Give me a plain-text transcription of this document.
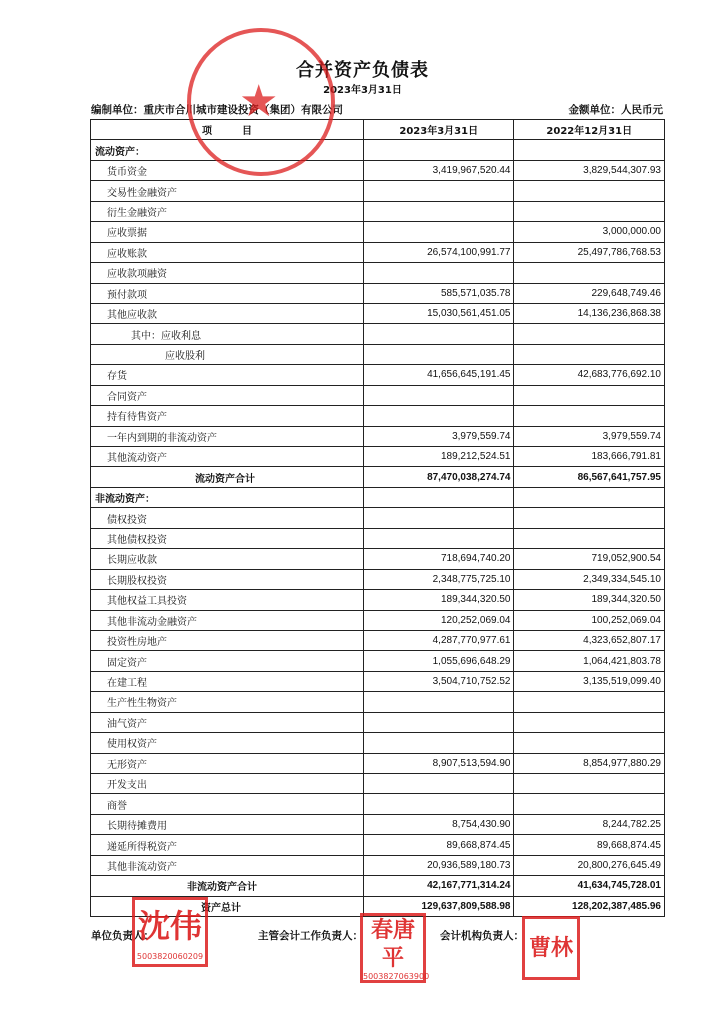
合并资产负债表
2023年3月31日
编制单位：重庆市合川城市建设投资（集团）有限公司	金额单位：人民币元
项　　　目	2023年3月31日	2022年12月31日
流动资产：		
货币资金	3,419,967,520.44	3,829,544,307.93
交易性金融资产		
衍生金融资产		
应收票据		3,000,000.00
应收账款	26,574,100,991.77	25,497,786,768.53
应收款项融资		
预付款项	585,571,035.78	229,648,749.46
其他应收款	15,030,561,451.05	14,136,236,868.38
其中：应收利息		
应收股利		
存货	41,656,645,191.45	42,683,776,692.10
合同资产		
持有待售资产		
一年内到期的非流动资产	3,979,559.74	3,979,559.74
其他流动资产	189,212,524.51	183,666,791.81
流动资产合计	87,470,038,274.74	86,567,641,757.95
非流动资产：		
债权投资		
其他债权投资		
长期应收款	718,694,740.20	719,052,900.54
长期股权投资	2,348,775,725.10	2,349,334,545.10
其他权益工具投资	189,344,320.50	189,344,320.50
其他非流动金融资产	120,252,069.04	100,252,069.04
投资性房地产	4,287,770,977.61	4,323,652,807.17
固定资产	1,055,696,648.29	1,064,421,803.78
在建工程	3,504,710,752.52	3,135,519,099.40
生产性生物资产		
油气资产		
使用权资产		
无形资产	8,907,513,594.90	8,854,977,880.29
开发支出		
商誉		
长期待摊费用	8,754,430.90	8,244,782.25
递延所得税资产	89,668,874.45	89,668,874.45
其他非流动资产	20,936,589,180.73	20,800,276,645.49
非流动资产合计	42,167,771,314.24	41,634,745,728.01
资产总计	129,637,809,588.98	128,202,387,485.96
单位负责人：	主管会计工作负责人：	会计机构负责人：
★
沈伟
5003820060209
春唐平
5003827063900
曹林
